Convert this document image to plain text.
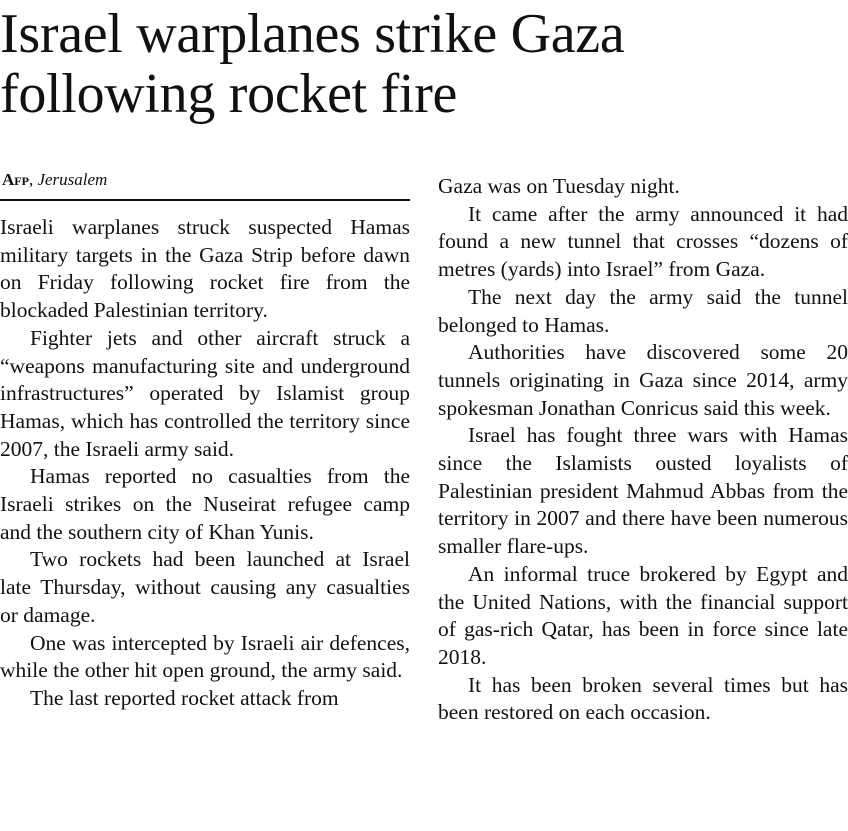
Israel warplanes strike Gaza following rocket fire
Afp, Jerusalem

Israeli warplanes struck suspected Hamas military targets in the Gaza Strip before dawn on Friday following rocket fire from the blockaded Palestinian territory.

Fighter jets and other aircraft struck a “weapons manufacturing site and underground infrastructures” operated by Islamist group Hamas, which has controlled the territory since 2007, the Israeli army said.

Hamas reported no casualties from the Israeli strikes on the Nuseirat refugee camp and the southern city of Khan Yunis.

Two rockets had been launched at Israel late Thursday, without causing any casualties or damage.

One was intercepted by Israeli air defences, while the other hit open ground, the army said.

The last reported rocket attack from

Gaza was on Tuesday night.

It came after the army announced it had found a new tunnel that crosses “dozens of metres (yards) into Israel” from Gaza.

The next day the army said the tunnel belonged to Hamas.

Authorities have discovered some 20 tunnels originating in Gaza since 2014, army spokesman Jonathan Conricus said this week.

Israel has fought three wars with Hamas since the Islamists ousted loyalists of Palestinian president Mahmud Abbas from the territory in 2007 and there have been numerous smaller flare-ups.

An informal truce brokered by Egypt and the United Nations, with the financial support of gas-rich Qatar, has been in force since late 2018.

It has been broken several times but has been restored on each occasion.
